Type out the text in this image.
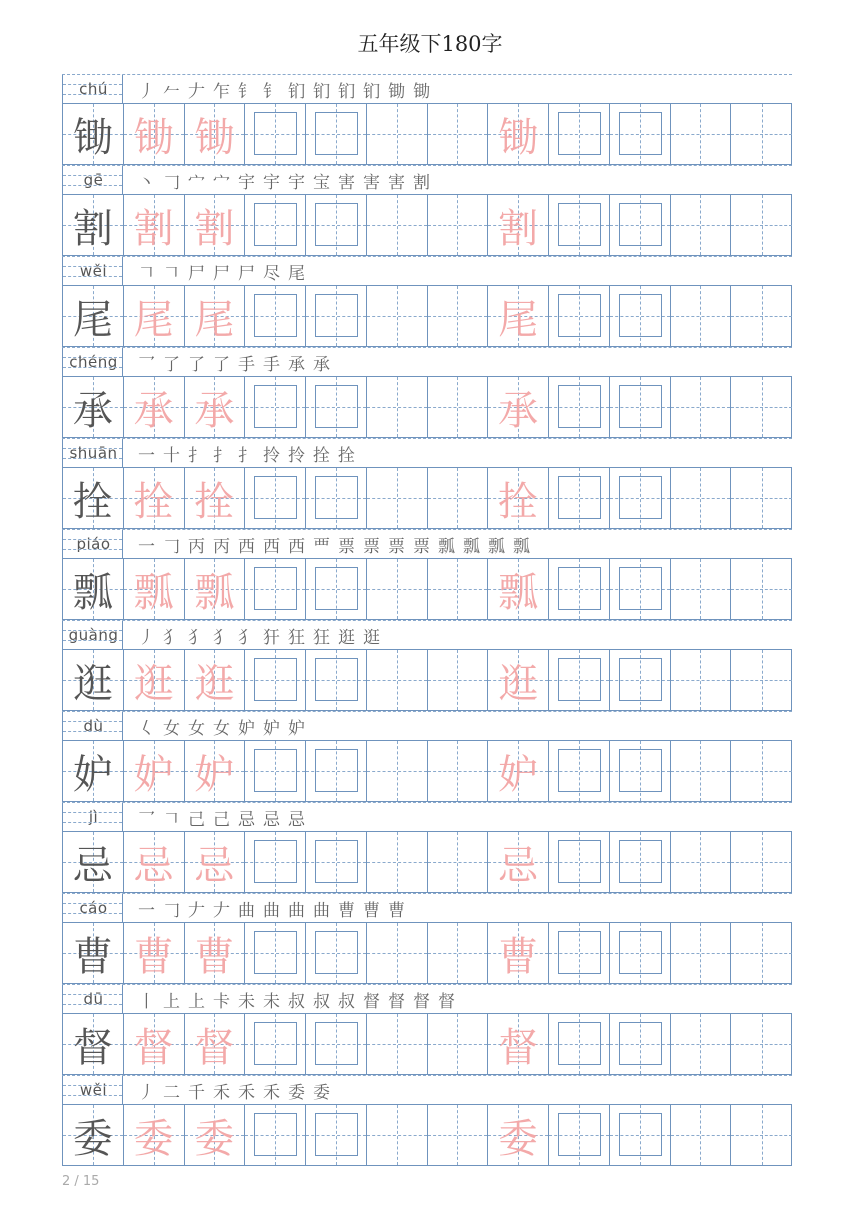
五年级下180字
chú	丿 𠂉 𠂇 乍 钅 钅 钔 钔 钔 钔 锄 锄
锄 锄 锄	锄
gē	丶 𠃌 宀 宀 宇 宇 宇 宝 害 害 害 割
割 割 割	割
wěi	𠃍 𠃍 尸 尸 尸 尽 尾
尾 尾 尾	尾
chéng	乛 了 了 了 手 手 承 承
承 承 承	承
shuān	一 十 扌 扌 扌 拎 拎 拴 拴
拴 拴 拴	拴
piáo	一 𠃌 丙 丙 西 西 西 覀 票 票 票 票 瓢 瓢 瓢 瓢
瓢 瓢 瓢	瓢
guàng	丿 犭 犭 犭 犭 犴 狂 狂 逛 逛
逛 逛 逛	逛
dù	𡿨 女 女 女 妒 妒 妒
妒 妒 妒	妒
jì	乛 𠃍 己 己 忌 忌 忌
忌 忌 忌	忌
cáo	一 𠃌 𠂇 𠂇 曲 曲 曲 曲 曹 曹 曹
曹 曹 曹	曹
dū	丨 上 上 卡 未 未 叔 叔 叔 督 督 督 督
督 督 督	督
wěi	丿 二 千 禾 禾 禾 委 委
委 委 委	委
2 / 15
